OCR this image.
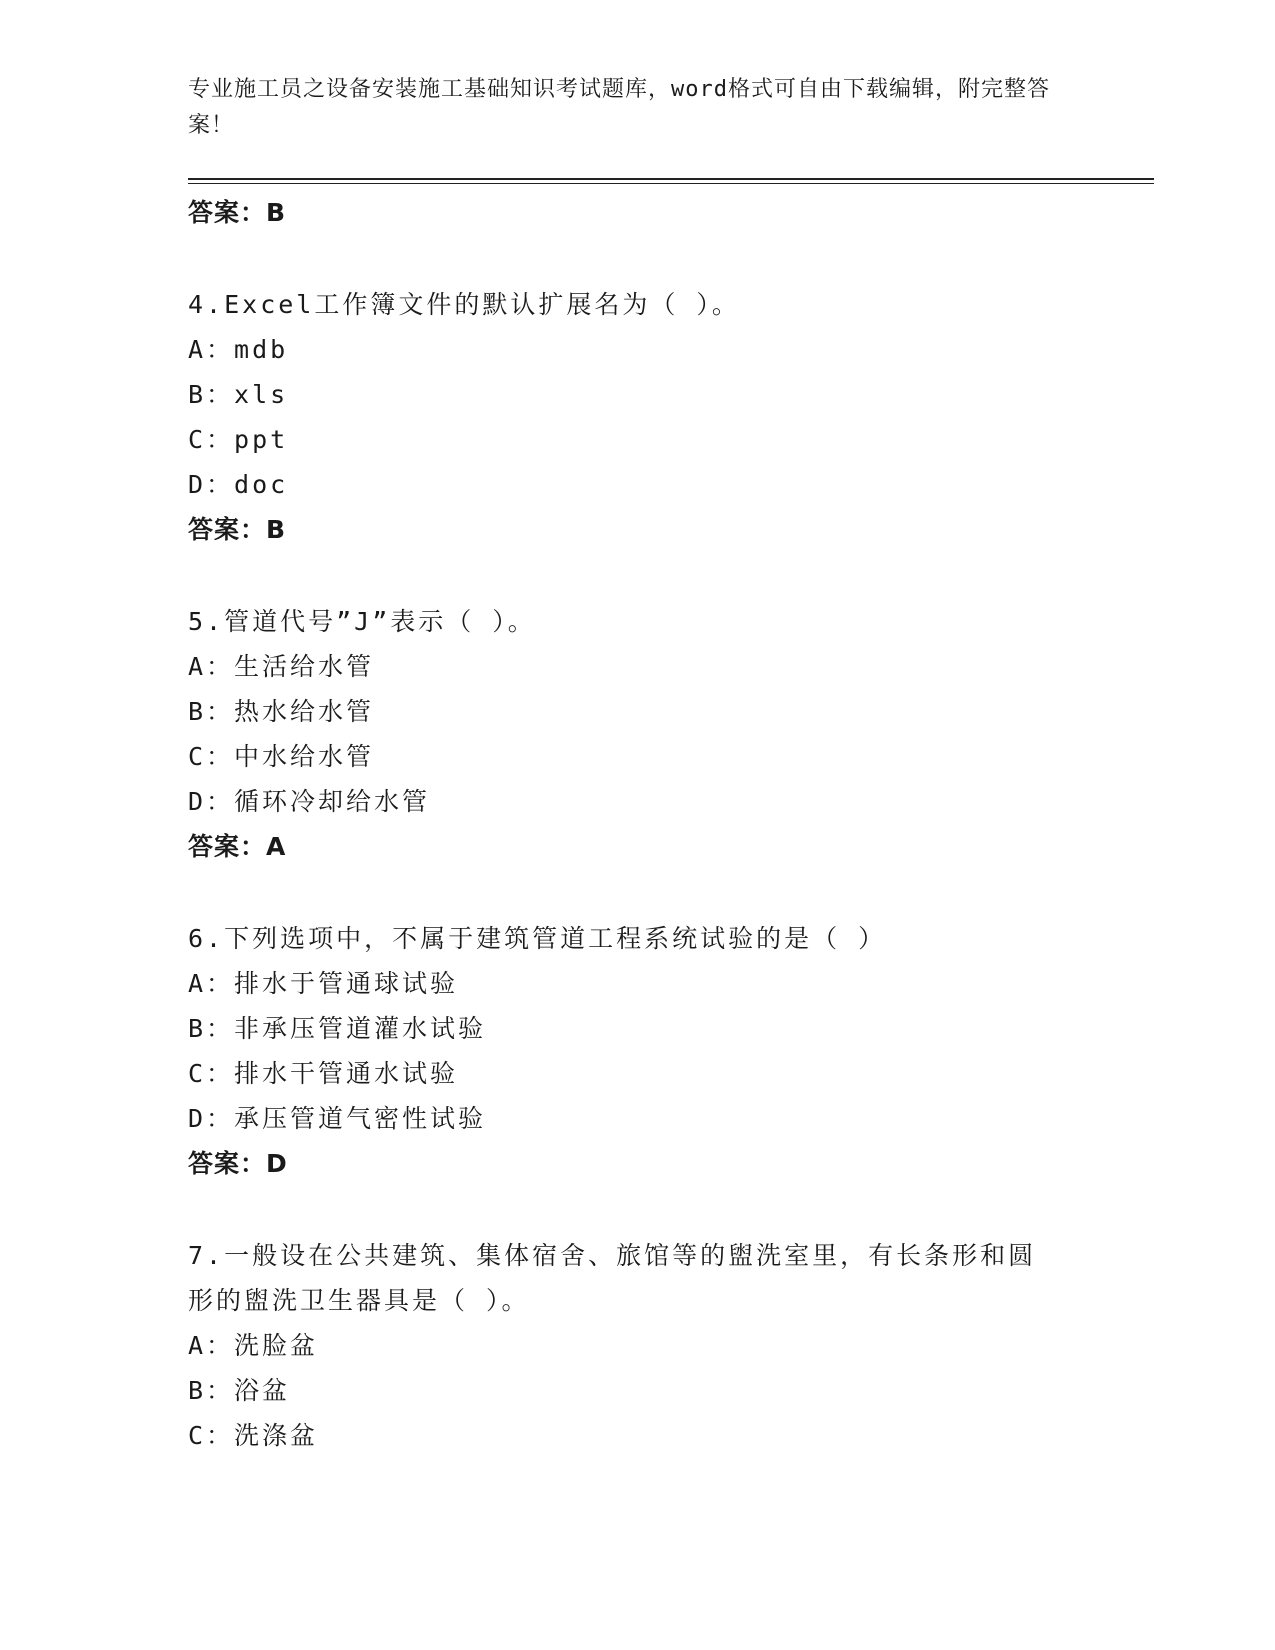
专业施工员之设备安装施工基础知识考试题库，word格式可自由下载编辑，附完整答案！
答案：B
4.Excel工作簿文件的默认扩展名为（ ）。
A：mdb
B：xls
C：ppt
D：doc
答案：B
5.管道代号”J”表示（ ）。
A：生活给水管
B：热水给水管
C：中水给水管
D：循环冷却给水管
答案：A
6.下列选项中，不属于建筑管道工程系统试验的是（ ）
A：排水于管通球试验
B：非承压管道灌水试验
C：排水干管通水试验
D：承压管道气密性试验
答案：D
7.一般设在公共建筑、集体宿舍、旅馆等的盥洗室里，有长条形和圆
形的盥洗卫生器具是（ ）。
A：洗脸盆
B：浴盆
C：洗涤盆
